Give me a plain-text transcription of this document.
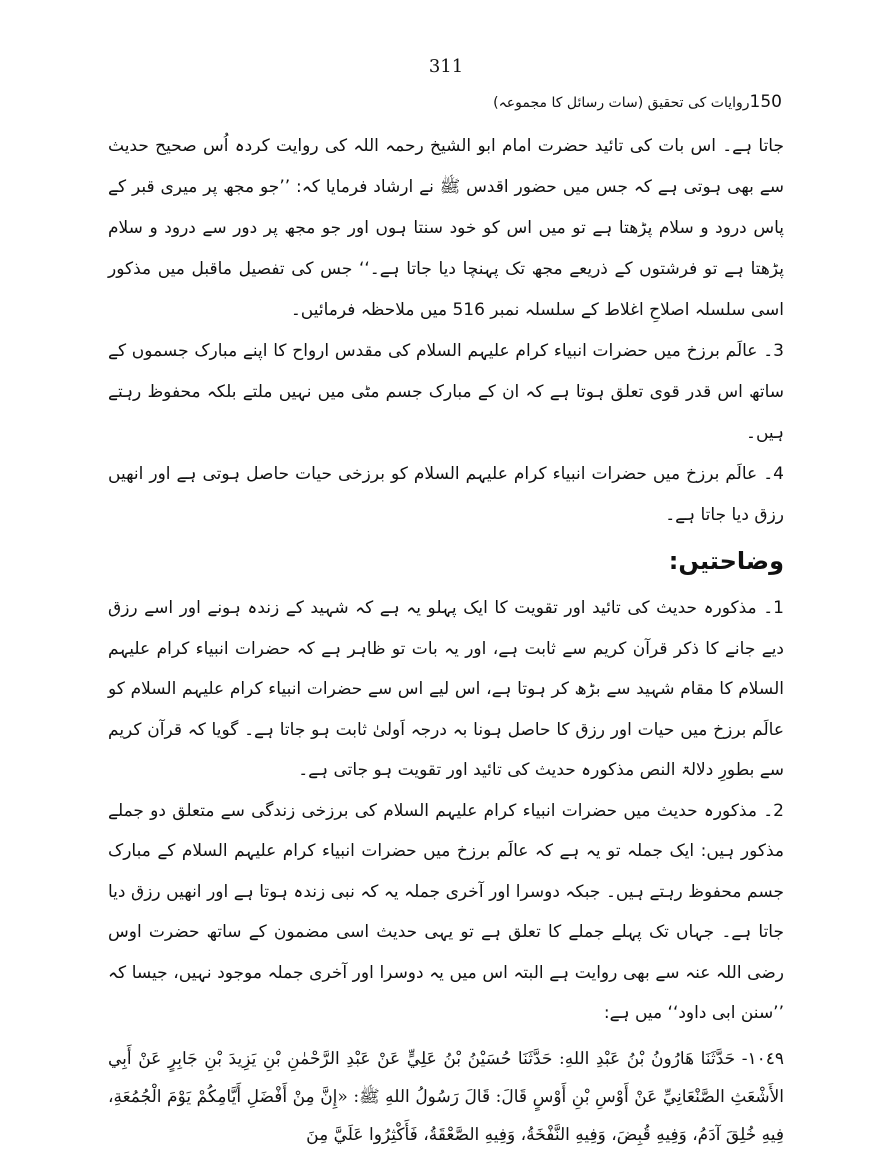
311
150روایات کی تحقیق (سات رسائل کا مجموعہ)

جاتا ہے۔ اس بات کی تائید حضرت امام ابو الشیخ رحمہ اللہ کی روایت کردہ اُس صحیح حدیث سے بھی ہوتی ہے کہ جس میں حضور اقدس ﷺ نے ارشاد فرمایا کہ: ’’جو مجھ پر میری قبر کے پاس درود و سلام پڑھتا ہے تو میں اس کو خود سنتا ہوں اور جو مجھ پر دور سے درود و سلام پڑھتا ہے تو فرشتوں کے ذریعے مجھ تک پہنچا دیا جاتا ہے۔‘‘ جس کی تفصیل ماقبل میں مذکور اسی سلسلہ اصلاحِ اغلاط کے سلسلہ نمبر 516 میں ملاحظہ فرمائیں۔

3۔ عالَم برزخ میں حضرات انبیاء کرام علیہم السلام کی مقدس ارواح کا اپنے مبارک جسموں کے ساتھ اس قدر قوی تعلق ہوتا ہے کہ ان کے مبارک جسم مٹی میں نہیں ملتے بلکہ محفوظ رہتے ہیں۔

4۔ عالَم برزخ میں حضرات انبیاء کرام علیہم السلام کو برزخی حیات حاصل ہوتی ہے اور انھیں رزق دیا جاتا ہے۔

وضاحتیں:

1۔ مذکورہ حدیث کی تائید اور تقویت کا ایک پہلو یہ ہے کہ شہید کے زندہ ہونے اور اسے رزق دیے جانے کا ذکر قرآن کریم سے ثابت ہے، اور یہ بات تو ظاہر ہے کہ حضرات انبیاء کرام علیہم السلام کا مقام شہید سے بڑھ کر ہوتا ہے، اس لیے اس سے حضرات انبیاء کرام علیہم السلام کو عالَم برزخ میں حیات اور رزق کا حاصل ہونا بہ درجہ اَولیٰ ثابت ہو جاتا ہے۔ گویا کہ قرآن کریم سے بطورِ دلالۃ النص مذکورہ حدیث کی تائید اور تقویت ہو جاتی ہے۔

2۔ مذکورہ حدیث میں حضرات انبیاء کرام علیہم السلام کی برزخی زندگی سے متعلق دو جملے مذکور ہیں: ایک جملہ تو یہ ہے کہ عالَم برزخ میں حضرات انبیاء کرام علیہم السلام کے مبارک جسم محفوظ رہتے ہیں۔ جبکہ دوسرا اور آخری جملہ یہ کہ نبی زندہ ہوتا ہے اور انھیں رزق دیا جاتا ہے۔ جہاں تک پہلے جملے کا تعلق ہے تو یہی حدیث اسی مضمون کے ساتھ حضرت اوس رضی اللہ عنہ سے بھی روایت ہے البتہ اس میں یہ دوسرا اور آخری جملہ موجود نہیں، جیسا کہ ’’سنن ابی داود‘‘ میں ہے:

١٠٤٩- حَدَّثَنَا هَارُونُ بْنُ عَبْدِ اللهِ: حَدَّثَنَا حُسَيْنُ بْنُ عَلِيٍّ عَنْ عَبْدِ الرَّحْمٰنِ بْنِ يَزِيدَ بْنِ جَابِرٍ عَنْ أَبِي الأَشْعَثِ الصَّنْعَانِيِّ عَنْ أَوْسِ بْنِ أَوْسٍ قَالَ: قَالَ رَسُولُ اللهِ ﷺ: «إِنَّ مِنْ أَفْضَلِ أَيَّامِكُمْ يَوْمَ الْجُمُعَةِ، فِيهِ خُلِقَ آدَمُ، وَفِيهِ قُبِضَ، وَفِيهِ النَّفْخَةُ، وَفِيهِ الصَّعْقَةُ، فَأَكْثِرُوا عَلَيَّ مِنَ
